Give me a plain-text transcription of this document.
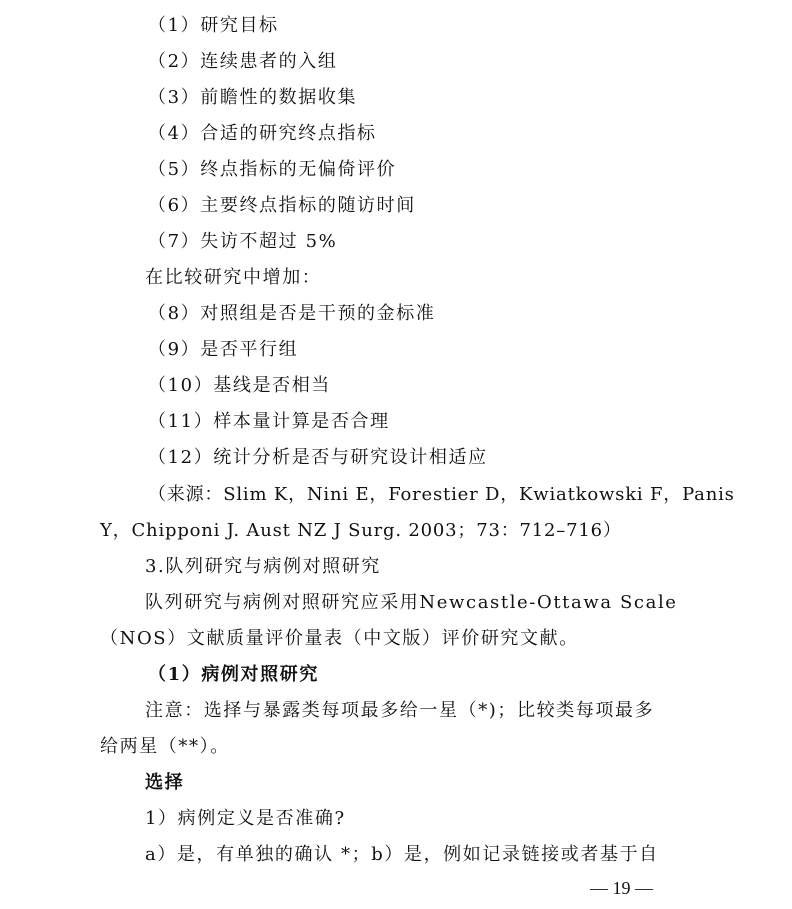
（1）研究目标
（2）连续患者的入组
（3）前瞻性的数据收集
（4）合适的研究终点指标
（5）终点指标的无偏倚评价
（6）主要终点指标的随访时间
（7）失访不超过 5%
在比较研究中增加：
（8）对照组是否是干预的金标准
（9）是否平行组
（10）基线是否相当
（11）样本量计算是否合理
（12）统计分析是否与研究设计相适应
（来源：Slim K，Nini E，Forestier D，Kwiatkowski F，Panis
Y，Chipponi J. Aust NZ J Surg. 2003；73：712–716）
3.队列研究与病例对照研究
队列研究与病例对照研究应采用Newcastle-Ottawa Scale
（NOS）文献质量评价量表（中文版）评价研究文献。
（1）病例对照研究
注意：选择与暴露类每项最多给一星（*)；比较类每项最多
给两星（**）。
选择
1）病例定义是否准确?
a）是，有单独的确认 *；b）是，例如记录链接或者基于自
— 19 —
